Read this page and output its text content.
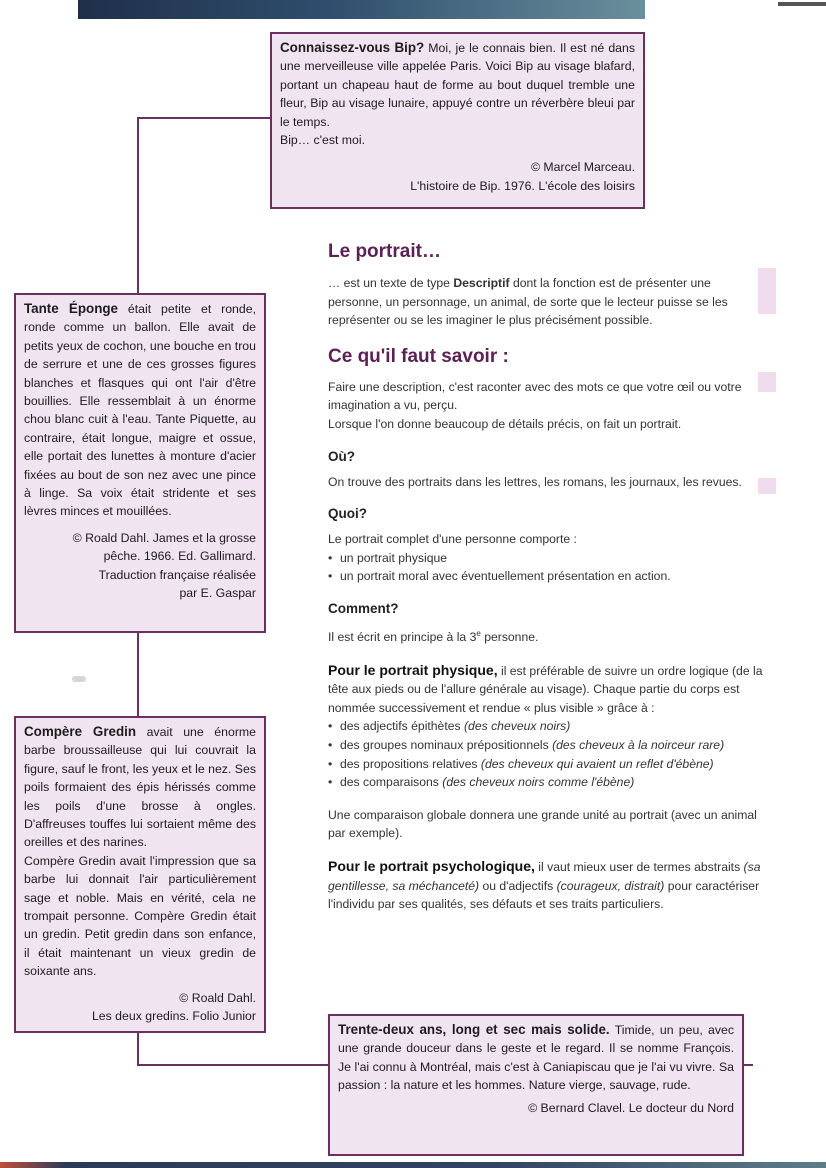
Connaissez-vous Bip? Moi, je le connais bien. Il est né dans une merveilleuse ville appelée Paris. Voici Bip au visage blafard, portant un chapeau haut de forme au bout duquel tremble une fleur, Bip au visage lunaire, appuyé contre un réverbère bleui par le temps.

Bip… c'est moi.

© Marcel Marceau.

L'histoire de Bip. 1976. L'école des loisirs

Tante Éponge était petite et ronde, ronde comme un ballon. Elle avait de petits yeux de cochon, une bouche en trou de serrure et une de ces grosses figures blanches et flasques qui ont l'air d'être bouillies. Elle ressemblait à un énorme chou blanc cuit à l'eau. Tante Piquette, au contraire, était longue, maigre et ossue, elle portait des lunettes à monture d'acier fixées au bout de son nez avec une pince à linge. Sa voix était stridente et ses lèvres minces et mouillées.

© Roald Dahl. James et la grosse

pêche. 1966. Ed. Gallimard.

Traduction française réalisée

par E. Gaspar

Compère Gredin avait une énorme barbe broussailleuse qui lui couvrait la figure, sauf le front, les yeux et le nez. Ses poils formaient des épis hérissés comme les poils d'une brosse à ongles. D'affreuses touffes lui sortaient même des oreilles et des narines.

Compère Gredin avait l'impression que sa barbe lui donnait l'air particulièrement sage et noble. Mais en vérité, cela ne trompait personne. Compère Gredin était un gredin. Petit gredin dans son enfance, il était maintenant un vieux gredin de soixante ans.

© Roald Dahl.

Les deux gredins. Folio Junior

Trente-deux ans, long et sec mais solide. Timide, un peu, avec une grande douceur dans le geste et le regard. Il se nomme François. Je l'ai connu à Montréal, mais c'est à Caniapiscau que je l'ai vu vivre. Sa passion : la nature et les hommes. Nature vierge, sauvage, rude.

© Bernard Clavel. Le docteur du Nord

Le portrait…

… est un texte de type Descriptif dont la fonction est de présenter une personne, un personnage, un animal, de sorte que le lecteur puisse se les représenter ou se les imaginer le plus précisément possible.

Ce qu'il faut savoir :

Faire une description, c'est raconter avec des mots ce que votre œil ou votre imagination a vu, perçu.

Lorsque l'on donne beaucoup de détails précis, on fait un portrait.

Où?

On trouve des portraits dans les lettres, les romans, les journaux, les revues.

Quoi?

Le portrait complet d'une personne comporte :

• un portrait physique
• un portrait moral avec éventuellement présentation en action.
Comment?

Il est écrit en principe à la 3e personne.

Pour le portrait physique, il est préférable de suivre un ordre logique (de la tête aux pieds ou de l'allure générale au visage). Chaque partie du corps est nommée successivement et rendue « plus visible » grâce à :

• des adjectifs épithètes (des cheveux noirs)
• des groupes nominaux prépositionnels (des cheveux à la noirceur rare)
• des propositions relatives (des cheveux qui avaient un reflet d'ébène)
• des comparaisons (des cheveux noirs comme l'ébène)

Une comparaison globale donnera une grande unité au portrait (avec un animal par exemple).

Pour le portrait psychologique, il vaut mieux user de termes abstraits (sa gentillesse, sa méchanceté) ou d'adjectifs (courageux, distrait) pour caractériser l'individu par ses qualités, ses défauts et ses traits particuliers.
